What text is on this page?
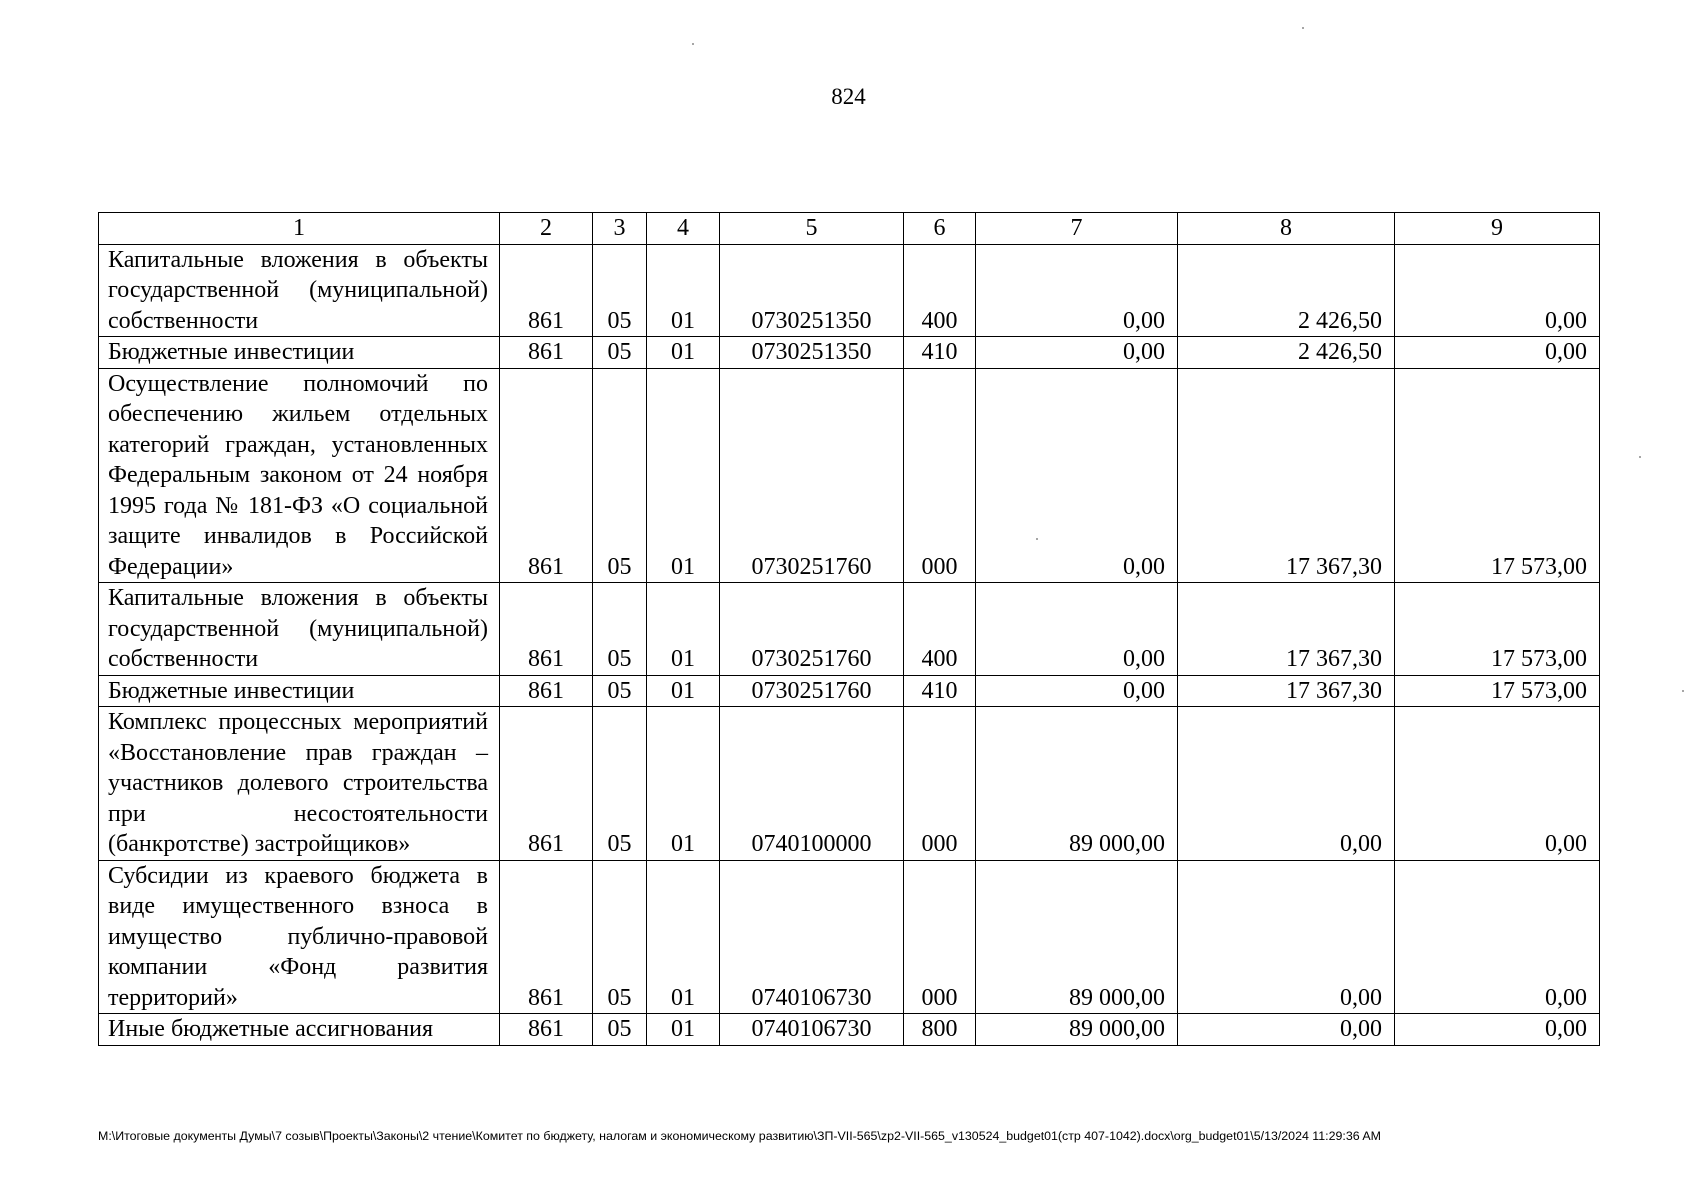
824
1	2	3	4	5	6	7	8	9
Капитальные вложения в объекты государственной (муниципальной) собственности	861	05	01	0730251350	400	0,00	2 426,50	0,00
Бюджетные инвестиции	861	05	01	0730251350	410	0,00	2 426,50	0,00
Осуществление полномочий по обеспечению жильем отдельных категорий граждан, установленных Федеральным законом от 24 ноября 1995 года № 181-ФЗ «О социальной защите инвалидов в Российской Федерации»	861	05	01	0730251760	000	0,00	17 367,30	17 573,00
Капитальные вложения в объекты государственной (муниципальной) собственности	861	05	01	0730251760	400	0,00	17 367,30	17 573,00
Бюджетные инвестиции	861	05	01	0730251760	410	0,00	17 367,30	17 573,00
Комплекс процессных мероприятий «Восстановление прав граждан – участников долевого строительства при несостоятельности (банкротстве) застройщиков»	861	05	01	0740100000	000	89 000,00	0,00	0,00
Субсидии из краевого бюджета в виде имущественного взноса в имущество публично-правовой компании «Фонд развития территорий»	861	05	01	0740106730	000	89 000,00	0,00	0,00
Иные бюджетные ассигнования	861	05	01	0740106730	800	89 000,00	0,00	0,00
M:\Итоговые документы Думы\7 созыв\Проекты\Законы\2 чтение\Комитет по бюджету, налогам и экономическому развитию\ЗП-VII-565\zp2-VII-565_v130524_budget01(стр 407-1042).docx\org_budget01\5/13/2024 11:29:36 AM
